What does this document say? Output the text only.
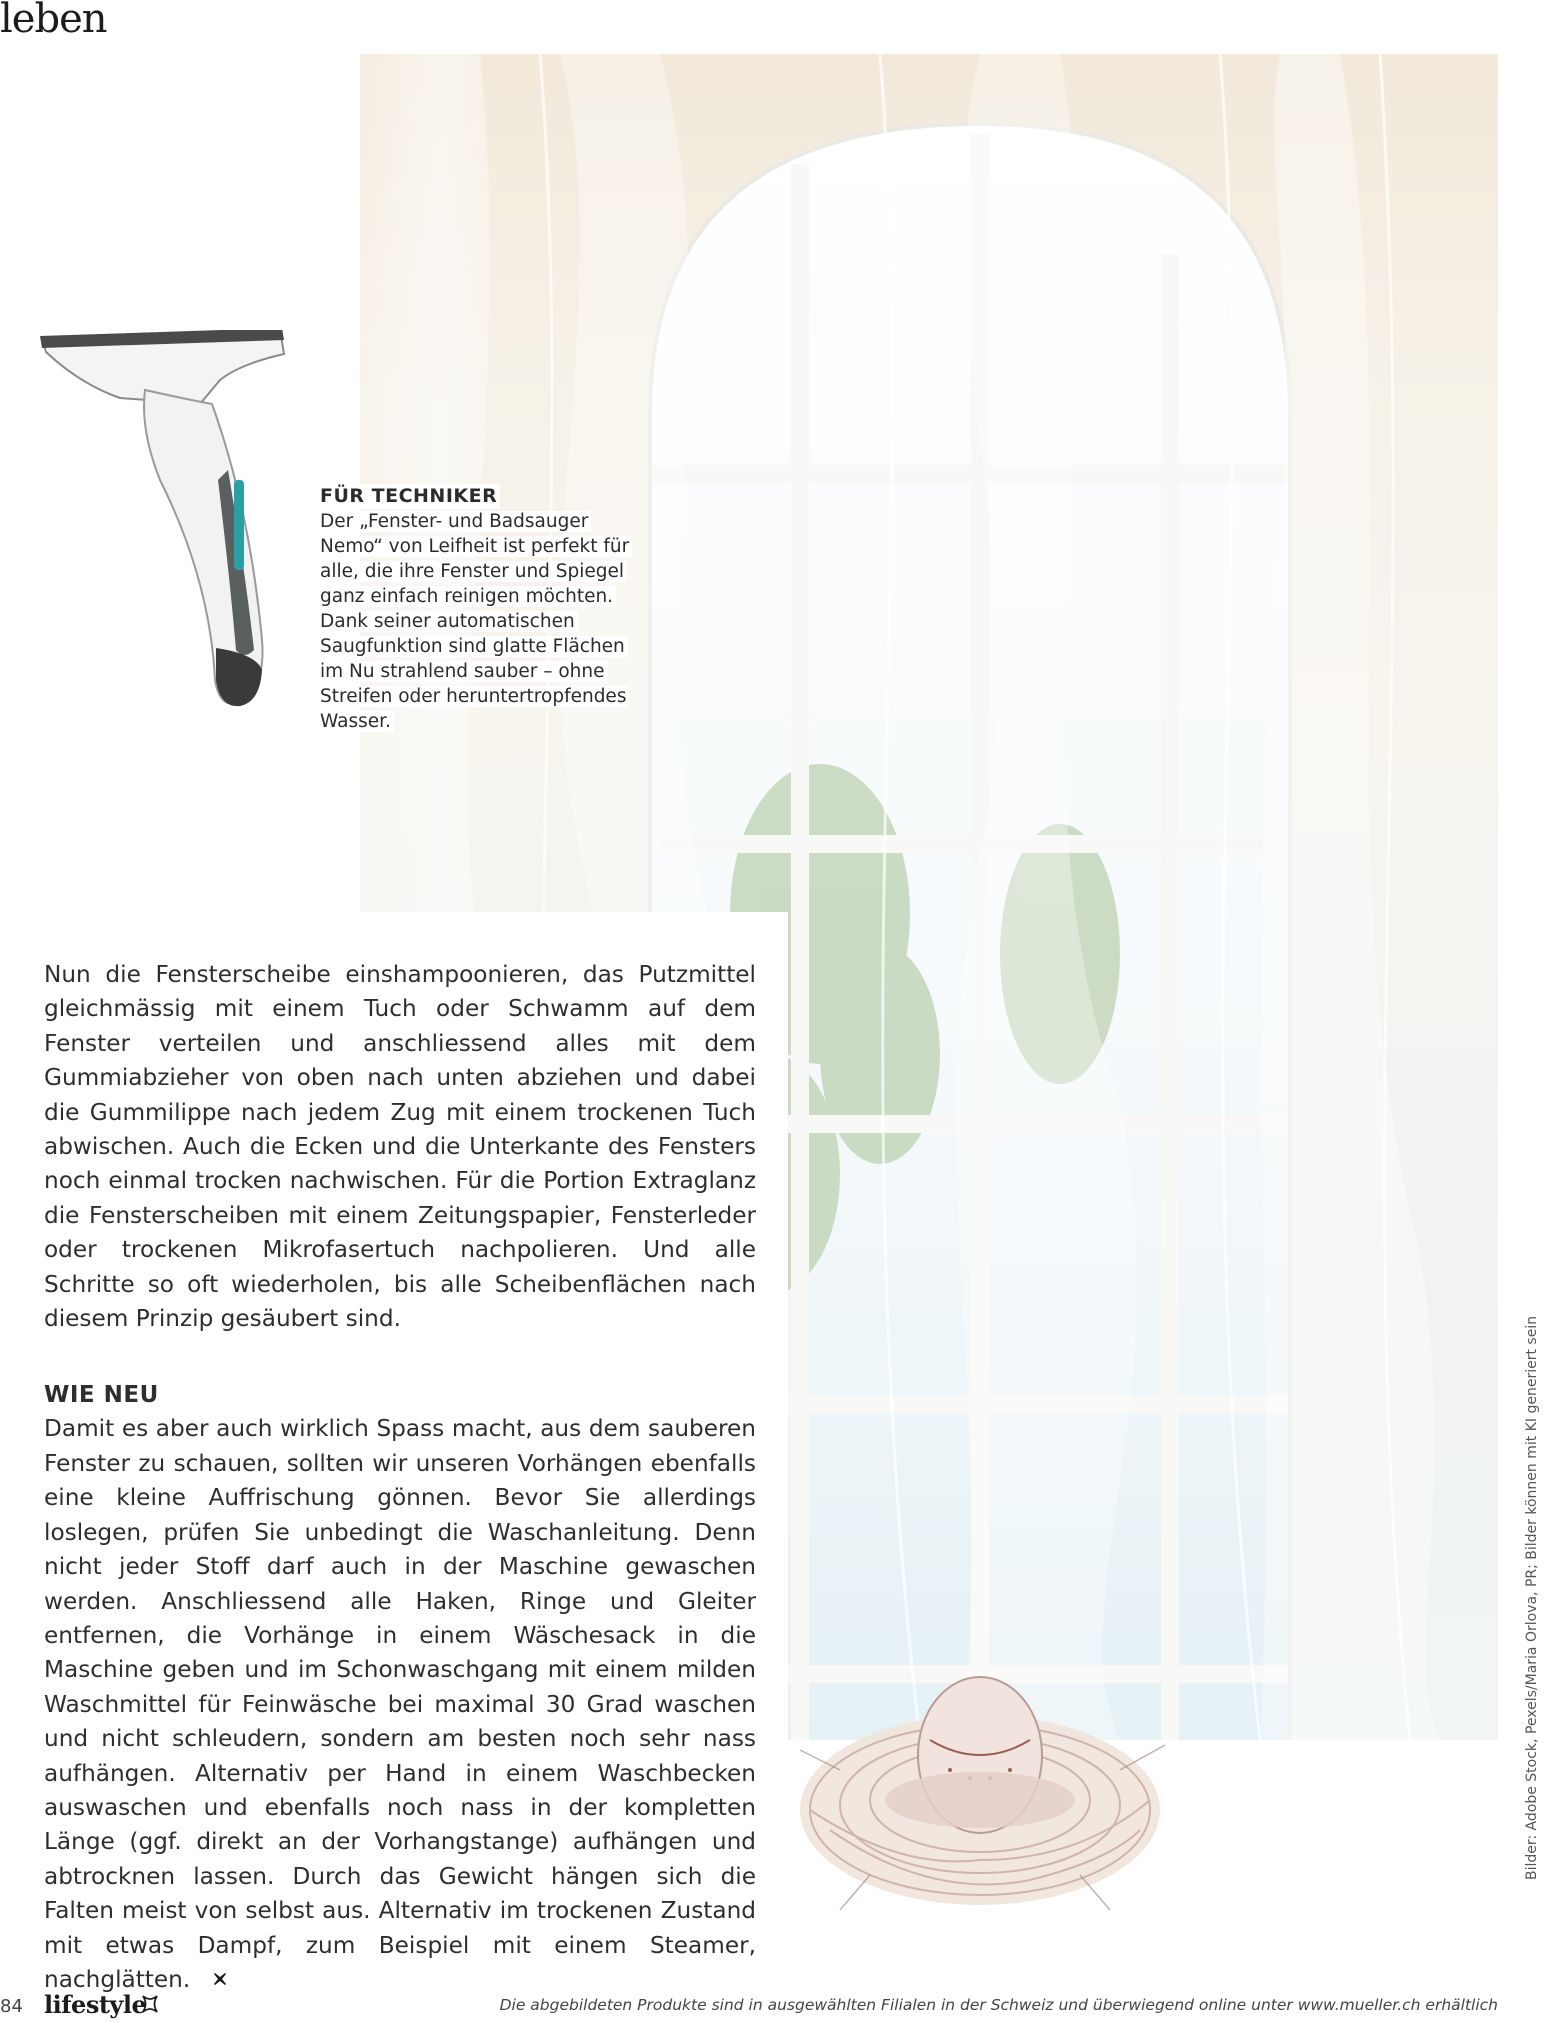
leben
FÜR TECHNIKER

Der „Fenster- und Badsauger Nemo“ von Leifheit ist perfekt für alle, die ihre Fenster und Spiegel ganz einfach reinigen möchten. Dank seiner automatischen Saugfunktion sind glatte Flächen im Nu strahlend sauber – ohne Streifen oder heruntertropfendes Wasser.

Nun die Fensterscheibe einshampoonieren, das Putzmittel gleichmässig mit einem Tuch oder Schwamm auf dem Fenster verteilen und anschliessend alles mit dem Gummiabzieher von oben nach unten abziehen und dabei die Gummilippe nach jedem Zug mit einem trockenen Tuch abwischen. Auch die Ecken und die Unterkante des Fensters noch einmal trocken nachwischen. Für die Portion Extraglanz die Fensterscheiben mit einem Zeitungspapier, Fensterleder oder trockenen Mikrofasertuch nachpolieren. Und alle Schritte so oft wiederholen, bis alle Scheibenflächen nach diesem Prinzip gesäubert sind.

WIE NEU

Damit es aber auch wirklich Spass macht, aus dem sauberen Fenster zu schauen, sollten wir unseren Vorhängen ebenfalls eine kleine Auffrischung gönnen. Bevor Sie allerdings loslegen, prüfen Sie unbedingt die Waschanleitung. Denn nicht jeder Stoff darf auch in der Maschine gewaschen werden. Anschliessend alle Haken, Ringe und Gleiter entfernen, die Vorhänge in einem Wäschesack in die Maschine geben und im Schonwaschgang mit einem milden Waschmittel für Feinwäsche bei maximal 30 Grad waschen und nicht schleudern, sondern am besten noch sehr nass aufhängen. Alternativ per Hand in einem Waschbecken auswaschen und ebenfalls noch nass in der kompletten Länge (ggf. direkt an der Vorhangstange) aufhängen und abtrocknen lassen. Durch das Gewicht hängen sich die Falten meist von selbst aus. Alternativ im trockenen Zustand mit etwas Dampf, zum Beispiel mit einem Steamer, nachglätten.

Bilder: Adobe Stock, Pexels/Maria Orlova, PR; Bilder können mit KI generiert sein
84 lifestyle	Die abgebildeten Produkte sind in ausgewählten Filialen in der Schweiz und überwiegend online unter www.mueller.ch erhältlich
